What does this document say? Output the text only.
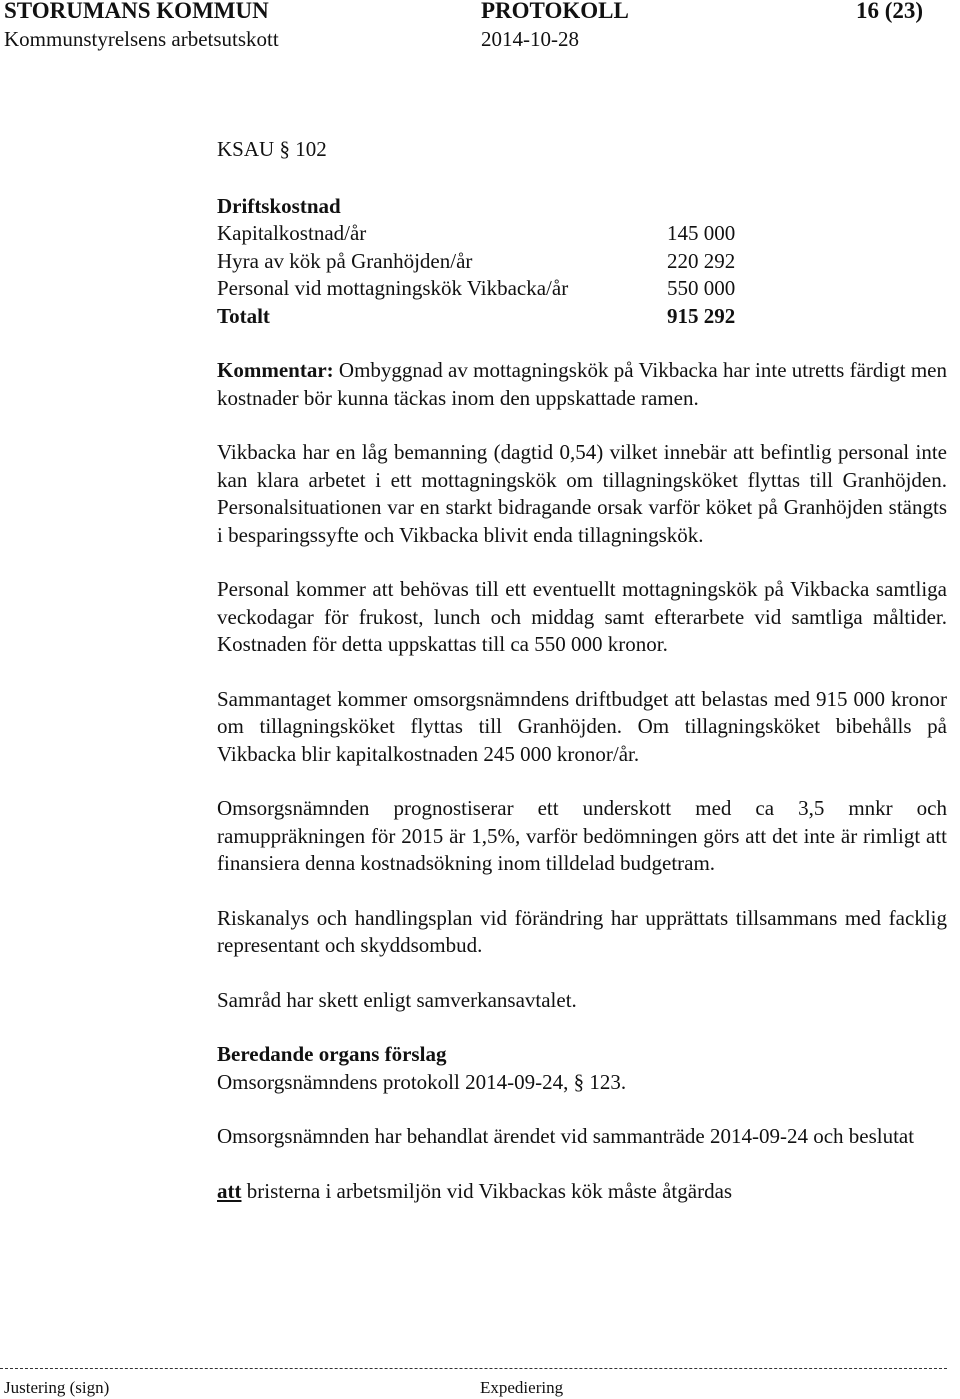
STORUMANS KOMMUN	PROTOKOLL	16 (23)
Kommunstyrelsens arbetsutskott	2014-10-28

KSAU § 102

Driftskostnad

Kapitalkostnad/år	145 000
Hyra av kök på Granhöjden/år	220 292
Personal vid mottagningskök Vikbacka/år	550 000
Totalt	915 292

Kommentar: Ombyggnad av mottagningskök på Vikbacka har inte utretts färdigt men kostnader bör kunna täckas inom den uppskattade ramen.

Vikbacka har en låg bemanning (dagtid 0,54) vilket innebär att befintlig personal inte kan klara arbetet i ett mottagningskök om tillagningsköket flyttas till Granhöjden. Personalsituationen var en starkt bidragande orsak varför köket på Granhöjden stängts i besparingssyfte och Vikbacka blivit enda tillagningskök.

Personal kommer att behövas till ett eventuellt mottagningskök på Vikbacka samtliga veckodagar för frukost, lunch och middag samt efterarbete vid samtliga måltider. Kostnaden för detta uppskattas till ca 550 000 kronor.

Sammantaget kommer omsorgsnämndens driftbudget att belastas med 915 000 kronor om tillagningsköket flyttas till Granhöjden. Om tillagningsköket bibehålls på Vikbacka blir kapitalkostnaden 245 000 kronor/år.

Omsorgsnämnden prognostiserar ett underskott med ca 3,5 mnkr och ramuppräkningen för 2015 är 1,5%, varför bedömningen görs att det inte är rimligt att finansiera denna kostnadsökning inom tilldelad budgetram.

Riskanalys och handlingsplan vid förändring har upprättats tillsammans med facklig representant och skyddsombud.

Samråd har skett enligt samverkansavtalet.

Beredande organs förslag

Omsorgsnämndens protokoll 2014-09-24, § 123.

Omsorgsnämnden har behandlat ärendet vid sammanträde 2014-09-24 och beslutat

att bristerna i arbetsmiljön vid Vikbackas kök måste åtgärdas

Justering (sign)	Expediering
